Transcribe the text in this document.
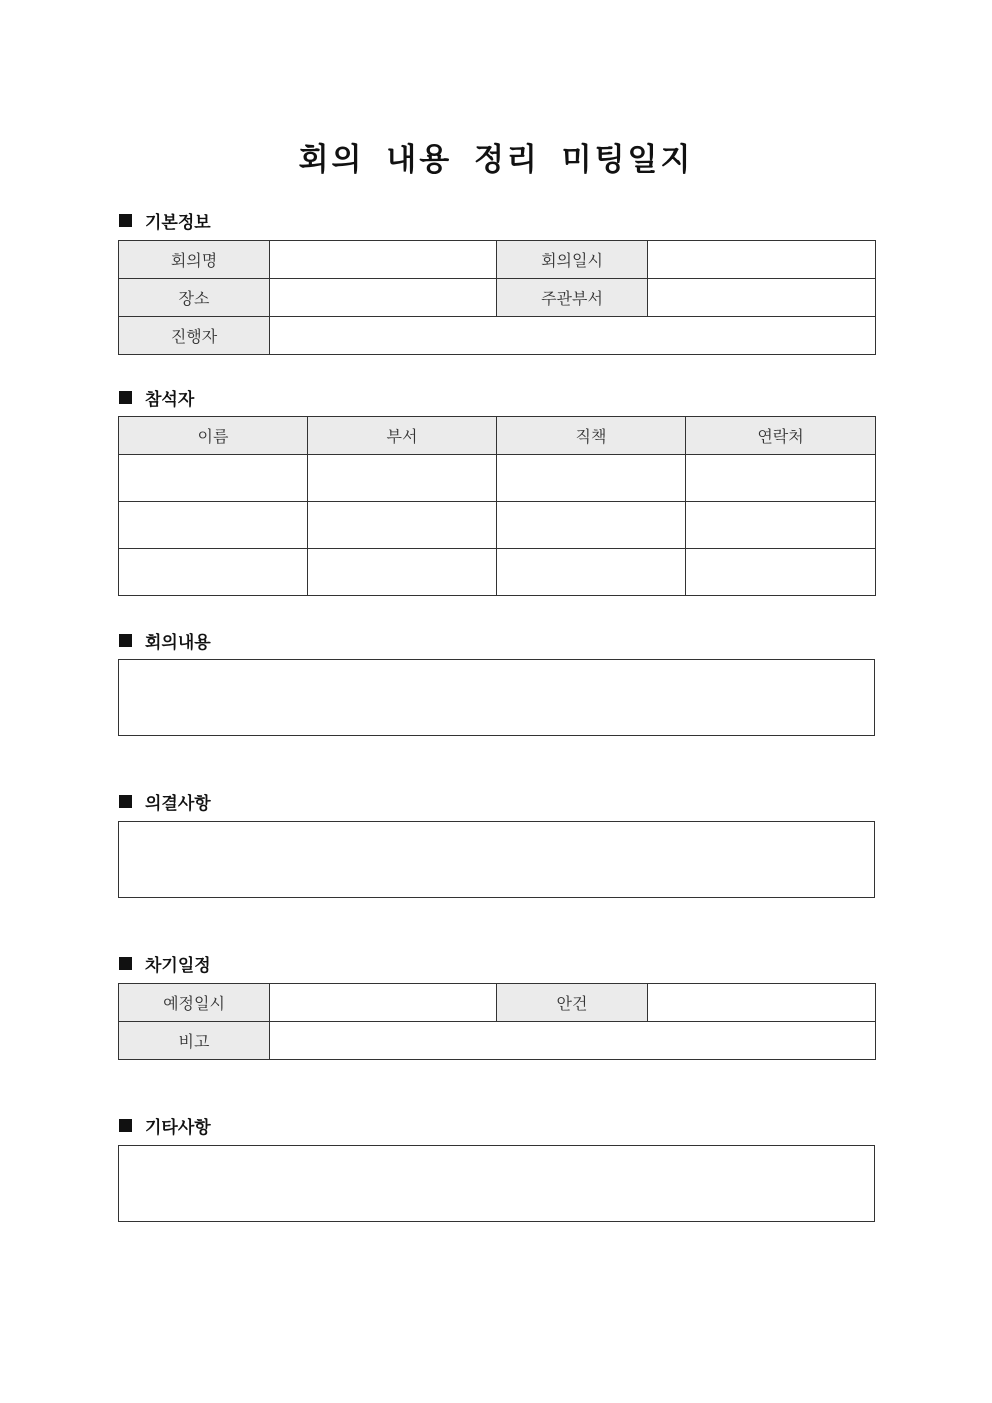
회의 내용 정리 미팅일지
기본정보
회의명		회의일시	
장소		주관부서	
진행자			
참석자
이름	부서	직책	연락처

회의내용
의결사항
차기일정
예정일시		안건	
비고			
기타사항
